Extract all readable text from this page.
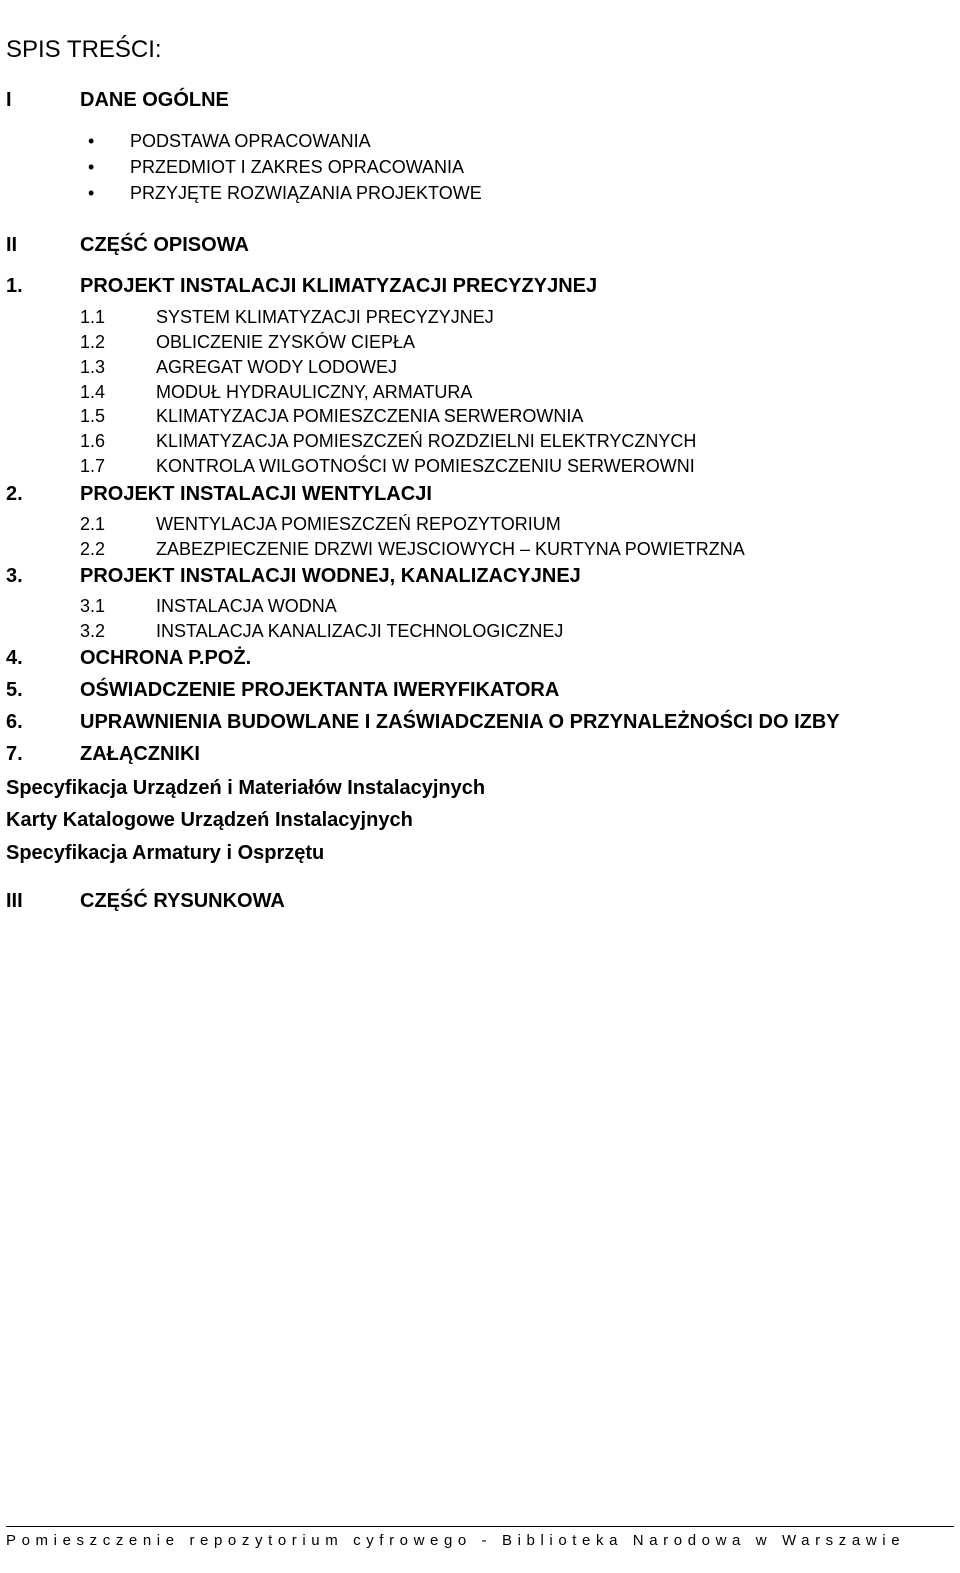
SPIS TREŚCI:
I	DANE OGÓLNE
• PODSTAWA OPRACOWANIA
• PRZEDMIOT I ZAKRES OPRACOWANIA
• PRZYJĘTE ROZWIĄZANIA PROJEKTOWE
II	CZĘŚĆ OPISOWA
1.	PROJEKT INSTALACJI KLIMATYZACJI PRECYZYJNEJ
1.1	SYSTEM KLIMATYZACJI PRECYZYJNEJ
1.2	OBLICZENIE ZYSKÓW CIEPŁA
1.3	AGREGAT WODY LODOWEJ
1.4	MODUŁ HYDRAULICZNY, ARMATURA
1.5	KLIMATYZACJA POMIESZCZENIA SERWEROWNIA
1.6	KLIMATYZACJA POMIESZCZEŃ ROZDZIELNI ELEKTRYCZNYCH
1.7	KONTROLA WILGOTNOŚCI W POMIESZCZENIU SERWEROWNI
2.	PROJEKT INSTALACJI WENTYLACJI
2.1	WENTYLACJA POMIESZCZEŃ REPOZYTORIUM
2.2	ZABEZPIECZENIE DRZWI WEJSCIOWYCH – KURTYNA POWIETRZNA
3.	PROJEKT INSTALACJI WODNEJ, KANALIZACYJNEJ
3.1	INSTALACJA WODNA
3.2	INSTALACJA KANALIZACJI TECHNOLOGICZNEJ
4.	OCHRONA P.POŻ.
5.	OŚWIADCZENIE PROJEKTANTA IWERYFIKATORA
6.	UPRAWNIENIA BUDOWLANE I ZAŚWIADCZENIA O PRZYNALEŻNOŚCI DO IZBY
7.	ZAŁĄCZNIKI
Specyfikacja Urządzeń i Materiałów Instalacyjnych
Karty Katalogowe Urządzeń Instalacyjnych
Specyfikacja Armatury i Osprzętu
III	CZĘŚĆ RYSUNKOWA
Pomieszczenie repozytorium cyfrowego - Biblioteka Narodowa w Warszawie
